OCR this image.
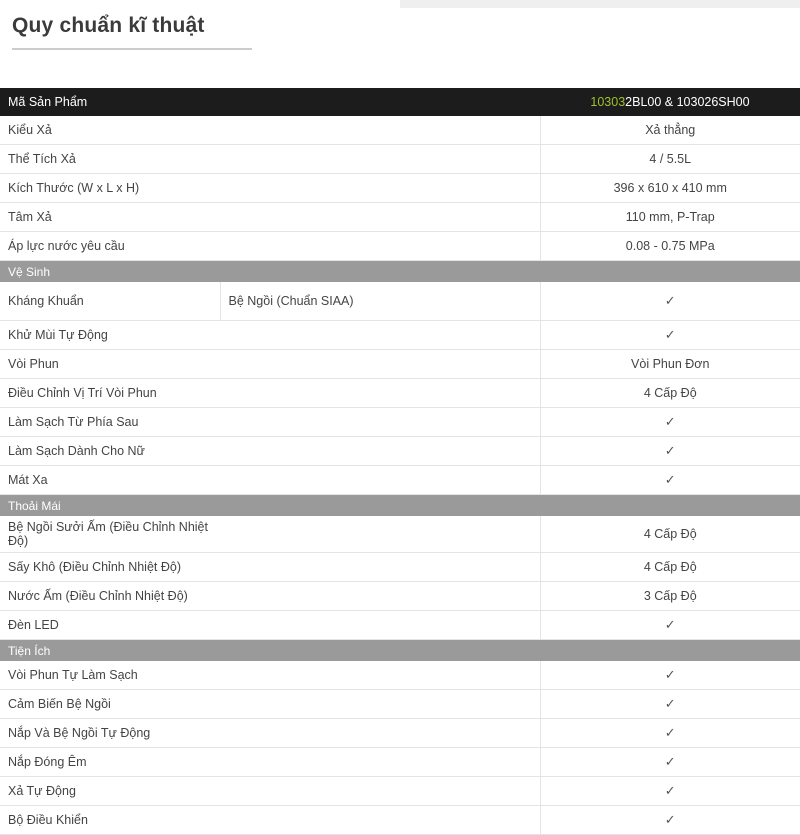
Quy chuẩn kĩ thuật
Mã Sản Phẩm		103032BL00 & 103026SH00
Kiểu Xả		Xả thẳng
Thể Tích Xả		4 / 5.5L
Kích Thước (W x L x H)		396 x 610 x 410 mm
Tâm Xả		110 mm, P-Trap
Áp lực nước yêu cầu		0.08 - 0.75 MPa
Vệ Sinh		
Kháng Khuẩn	Bệ Ngồi (Chuẩn SIAA)	✓
Khử Mùi Tự Động		✓
Vòi Phun		Vòi Phun Đơn
Điều Chỉnh Vị Trí Vòi Phun		4 Cấp Độ
Làm Sạch Từ Phía Sau		✓
Làm Sạch Dành Cho Nữ		✓
Mát Xa		✓
Thoải Mái		
Bệ Ngồi Sưởi Ấm (Điều Chỉnh Nhiệt Độ)		4 Cấp Độ
Sấy Khô (Điều Chỉnh Nhiệt Độ)		4 Cấp Độ
Nước Ấm (Điều Chỉnh Nhiệt Độ)		3 Cấp Độ
Đèn LED		✓
Tiện Ích		
Vòi Phun Tự Làm Sạch		✓
Cảm Biến Bệ Ngồi		✓
Nắp Và Bệ Ngồi Tự Động		✓
Nắp Đóng Êm		✓
Xả Tự Động		✓
Bộ Điều Khiển		✓
